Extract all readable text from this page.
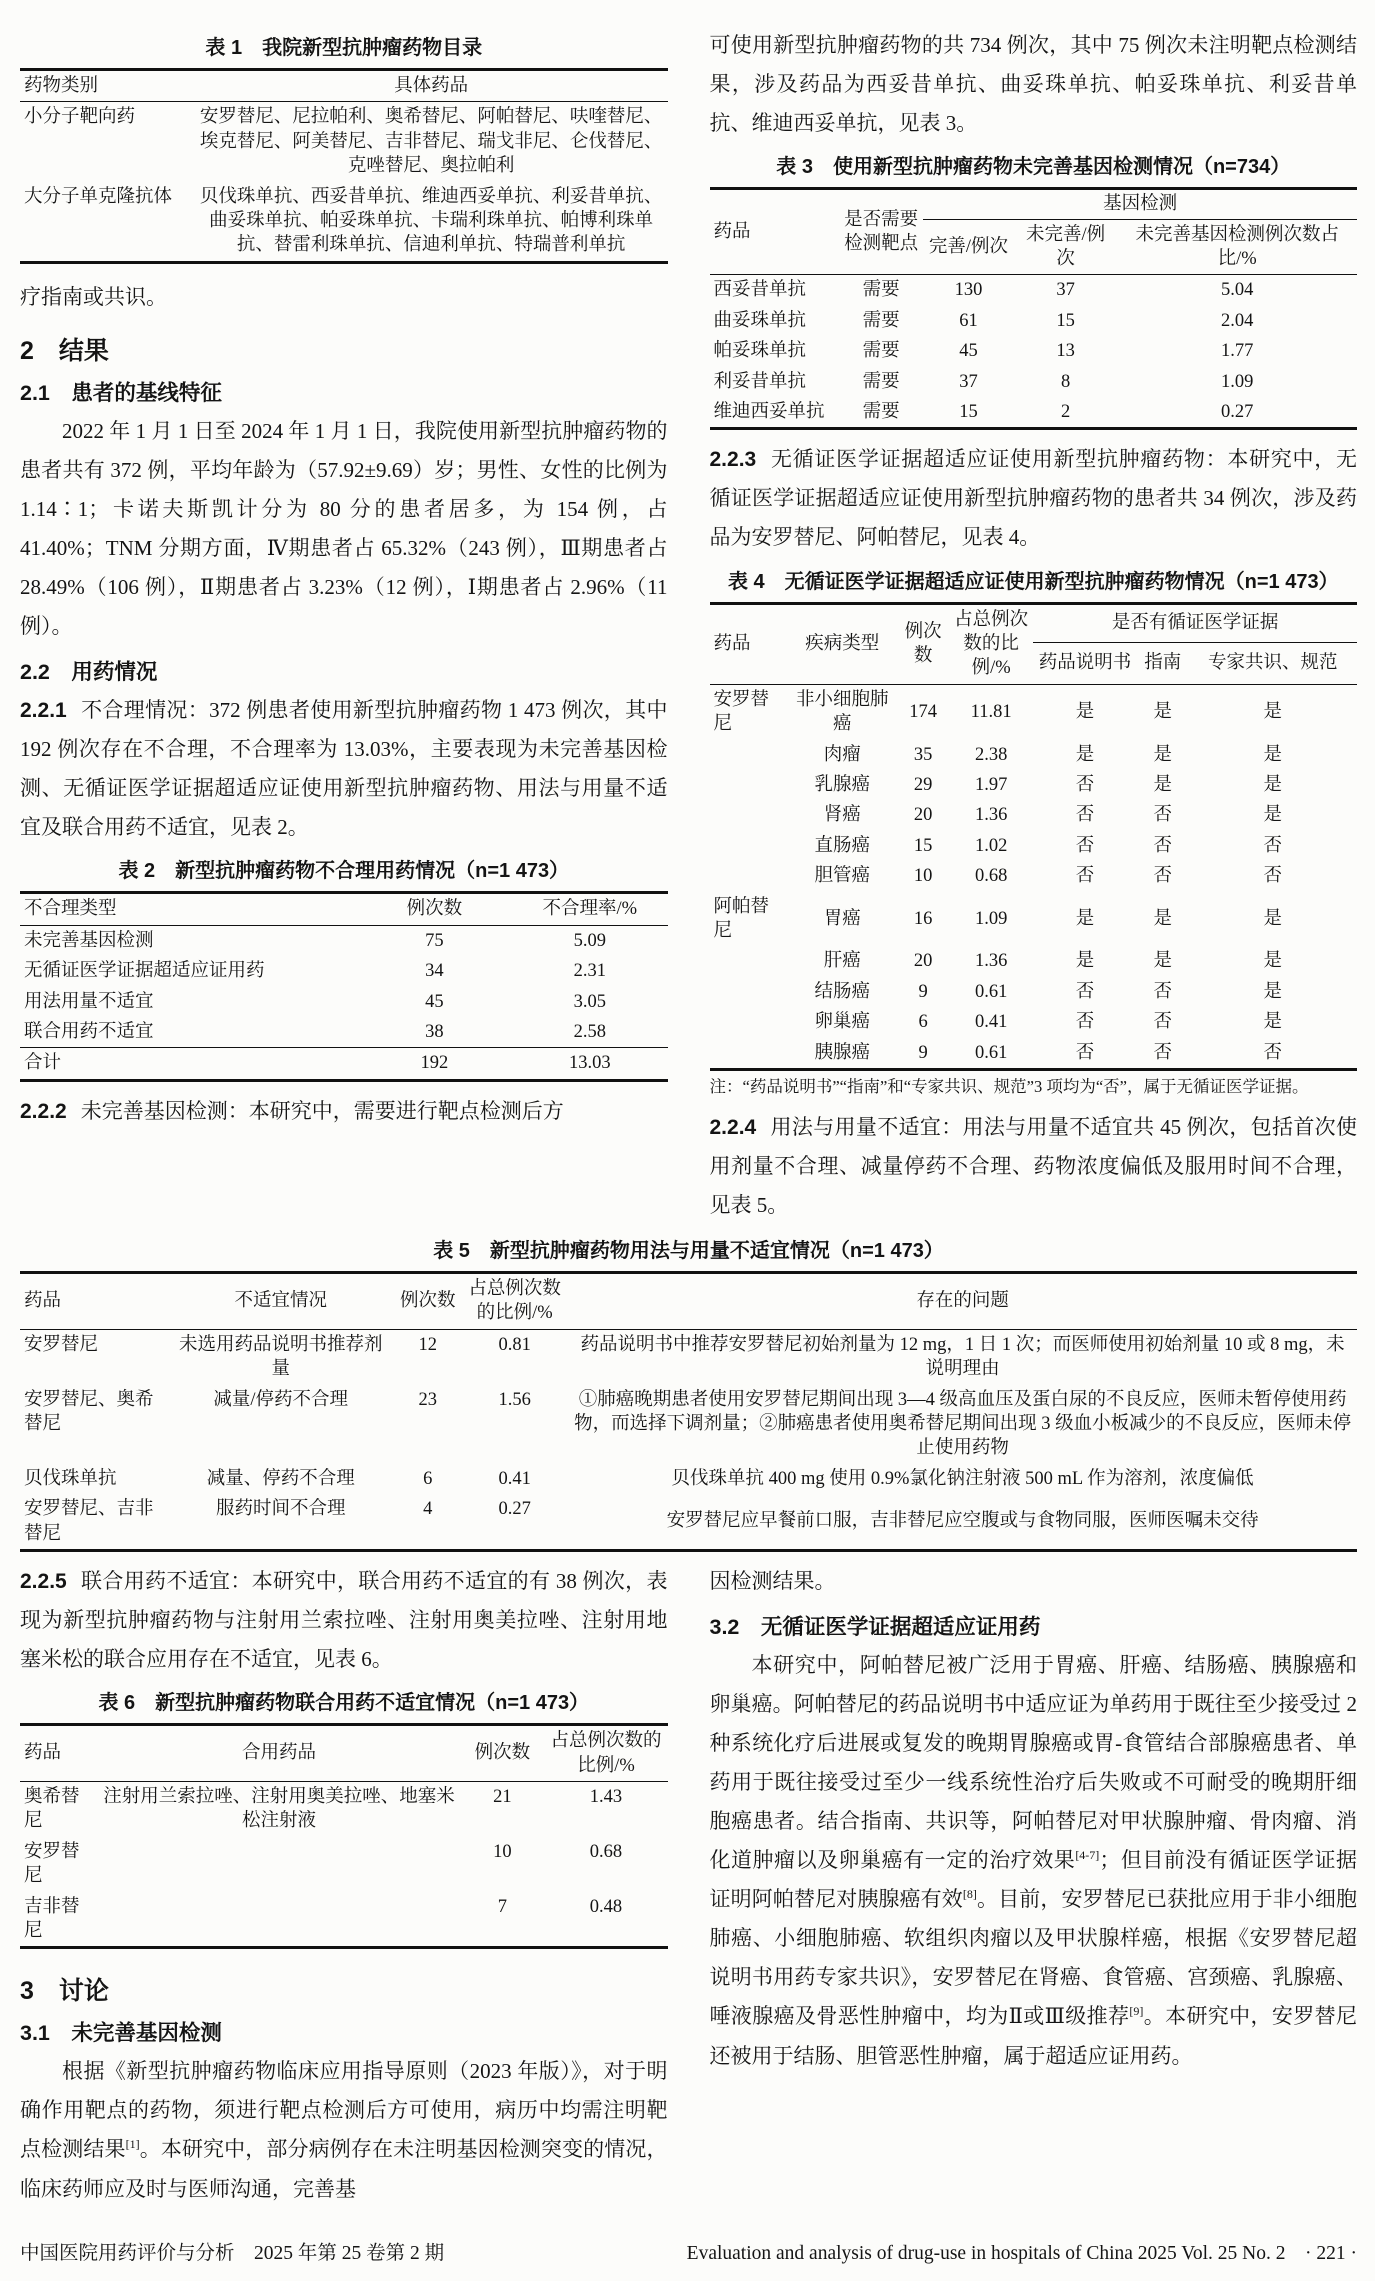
表 1　我院新型抗肿瘤药物目录
药物类别	具体药品
小分子靶向药	安罗替尼、尼拉帕利、奥希替尼、阿帕替尼、呋喹替尼、埃克替尼、阿美替尼、吉非替尼、瑞戈非尼、仑伐替尼、克唑替尼、奥拉帕利
大分子单克隆抗体	贝伐珠单抗、西妥昔单抗、维迪西妥单抗、利妥昔单抗、曲妥珠单抗、帕妥珠单抗、卡瑞利珠单抗、帕博利珠单抗、替雷利珠单抗、信迪利单抗、特瑞普利单抗

疗指南或共识。

2　结果
2.1　患者的基线特征

2022 年 1 月 1 日至 2024 年 1 月 1 日，我院使用新型抗肿瘤药物的患者共有 372 例，平均年龄为（57.92±9.69）岁；男性、女性的比例为 1.14∶1；卡诺夫斯凯计分为 80 分的患者居多，为 154 例，占 41.40%；TNM 分期方面，Ⅳ期患者占 65.32%（243 例），Ⅲ期患者占 28.49%（106 例），Ⅱ期患者占 3.23%（12 例），Ⅰ期患者占 2.96%（11 例）。

2.2　用药情况

2.2.1 不合理情况：372 例患者使用新型抗肿瘤药物 1 473 例次，其中 192 例次存在不合理，不合理率为 13.03%，主要表现为未完善基因检测、无循证医学证据超适应证使用新型抗肿瘤药物、用法与用量不适宜及联合用药不适宜，见表 2。

表 2　新型抗肿瘤药物不合理用药情况（n=1 473）
不合理类型	例次数	不合理率/%
未完善基因检测	75	5.09
无循证医学证据超适应证用药	34	2.31
用法用量不适宜	45	3.05
联合用药不适宜	38	2.58
合计	192	13.03

2.2.2 未完善基因检测：本研究中，需要进行靶点检测后方

可使用新型抗肿瘤药物的共 734 例次，其中 75 例次未注明靶点检测结果，涉及药品为西妥昔单抗、曲妥珠单抗、帕妥珠单抗、利妥昔单抗、维迪西妥单抗，见表 3。

表 3　使用新型抗肿瘤药物未完善基因检测情况（n=734）
药品	是否需要检测靶点	基因检测		
		完善/例次	未完善/例次	未完善基因检测例次数占比/%
西妥昔单抗	需要	130	37	5.04
曲妥珠单抗	需要	61	15	2.04
帕妥珠单抗	需要	45	13	1.77
利妥昔单抗	需要	37	8	1.09
维迪西妥单抗	需要	15	2	0.27

2.2.3 无循证医学证据超适应证使用新型抗肿瘤药物：本研究中，无循证医学证据超适应证使用新型抗肿瘤药物的患者共 34 例次，涉及药品为安罗替尼、阿帕替尼，见表 4。

表 4　无循证医学证据超适应证使用新型抗肿瘤药物情况（n=1 473）
药品	疾病类型	例次数	占总例次数的比例/%	是否有循证医学证据		
				药品说明书	指南	专家共识、规范
安罗替尼	非小细胞肺癌	174	11.81	是	是	是
	肉瘤	35	2.38	是	是	是
	乳腺癌	29	1.97	否	是	是
	肾癌	20	1.36	否	否	是
	直肠癌	15	1.02	否	否	否
	胆管癌	10	0.68	否	否	否
阿帕替尼	胃癌	16	1.09	是	是	是
	肝癌	20	1.36	是	是	是
	结肠癌	9	0.61	否	否	是
	卵巢癌	6	0.41	否	否	是
	胰腺癌	9	0.61	否	否	否
注：“药品说明书”“指南”和“专家共识、规范”3 项均为“否”，属于无循证医学证据。

2.2.4 用法与用量不适宜：用法与用量不适宜共 45 例次，包括首次使用剂量不合理、减量停药不合理、药物浓度偏低及服用时间不合理，见表 5。

表 5　新型抗肿瘤药物用法与用量不适宜情况（n=1 473）
药品	不适宜情况	例次数	占总例次数的比例/%	存在的问题
安罗替尼	未选用药品说明书推荐剂量	12	0.81	药品说明书中推荐安罗替尼初始剂量为 12 mg，1 日 1 次；而医师使用初始剂量 10 或 8 mg，未说明理由
安罗替尼、奥希替尼	减量/停药不合理	23	1.56	①肺癌晚期患者使用安罗替尼期间出现 3—4 级高血压及蛋白尿的不良反应，医师未暂停使用药物，而选择下调剂量；②肺癌患者使用奥希替尼期间出现 3 级血小板减少的不良反应，医师未停止使用药物
贝伐珠单抗	减量、停药不合理	6	0.41	贝伐珠单抗 400 mg 使用 0.9%氯化钠注射液 500 mL 作为溶剂，浓度偏低
安罗替尼、吉非替尼	服药时间不合理	4	0.27	安罗替尼应早餐前口服，吉非替尼应空腹或与食物同服，医师医嘱未交待

2.2.5 联合用药不适宜：本研究中，联合用药不适宜的有 38 例次，表现为新型抗肿瘤药物与注射用兰索拉唑、注射用奥美拉唑、注射用地塞米松的联合应用存在不适宜，见表 6。

表 6　新型抗肿瘤药物联合用药不适宜情况（n=1 473）
药品	合用药品	例次数	占总例次数的比例/%
奥希替尼	注射用兰索拉唑、注射用奥美拉唑、地塞米松注射液	21	1.43
安罗替尼		10	0.68
吉非替尼		7	0.48
3　讨论
3.1　未完善基因检测

根据《新型抗肿瘤药物临床应用指导原则（2023 年版）》，对于明确作用靶点的药物，须进行靶点检测后方可使用，病历中均需注明靶点检测结果[1]。本研究中，部分病例存在未注明基因检测突变的情况，临床药师应及时与医师沟通，完善基

因检测结果。

3.2　无循证医学证据超适应证用药

本研究中，阿帕替尼被广泛用于胃癌、肝癌、结肠癌、胰腺癌和卵巢癌。阿帕替尼的药品说明书中适应证为单药用于既往至少接受过 2 种系统化疗后进展或复发的晚期胃腺癌或胃-食管结合部腺癌患者、单药用于既往接受过至少一线系统性治疗后失败或不可耐受的晚期肝细胞癌患者。结合指南、共识等，阿帕替尼对甲状腺肿瘤、骨肉瘤、消化道肿瘤以及卵巢癌有一定的治疗效果[4-7]；但目前没有循证医学证据证明阿帕替尼对胰腺癌有效[8]。目前，安罗替尼已获批应用于非小细胞肺癌、小细胞肺癌、软组织肉瘤以及甲状腺样癌，根据《安罗替尼超说明书用药专家共识》，安罗替尼在肾癌、食管癌、宫颈癌、乳腺癌、唾液腺癌及骨恶性肿瘤中，均为Ⅱ或Ⅲ级推荐[9]。本研究中，安罗替尼还被用于结肠、胆管恶性肿瘤，属于超适应证用药。

中国医院用药评价与分析　2025 年第 25 卷第 2 期	Evaluation and analysis of drug-use in hospitals of China 2025 Vol. 25 No. 2　· 221 ·
